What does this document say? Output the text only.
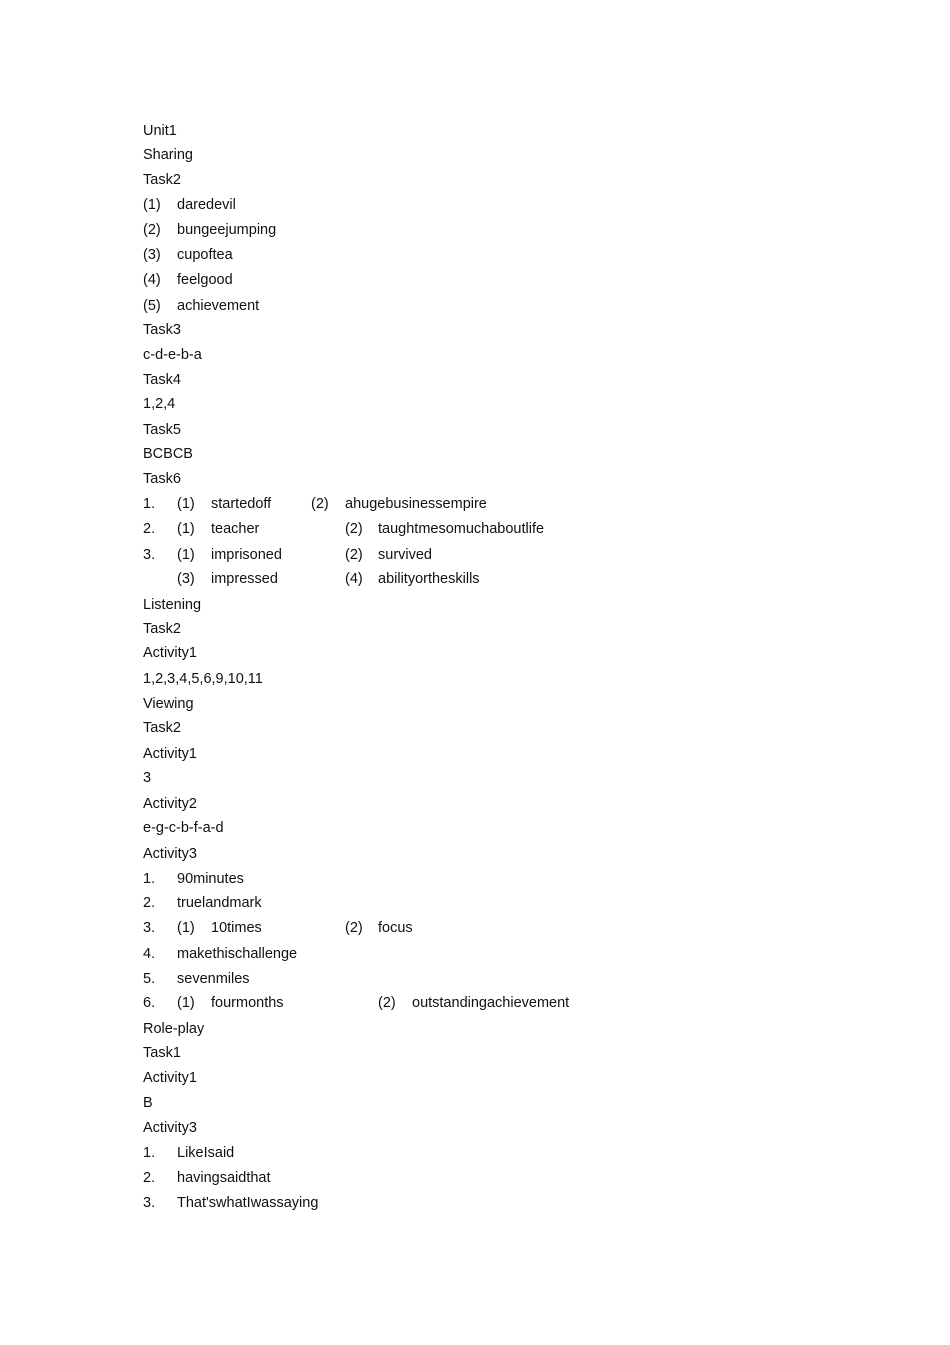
Unit1
Sharing
Task2
(1) daredevil
(2) bungeejumping
(3) cupoftea
(4) feelgood
(5) achievement
Task3
c-d-e-b-a
Task4
1,2,4
Task5
BCBCB
Task6
1. (1) startedoff	(2) ahugebusinessempire
2. (1) teacher	(2) taughtmesomuchaboutlife
3. (1) imprisoned	(2) survived
(3) impressed	(4) abilityortheskills
Listening
Task2
Activity1
1,2,3,4,5,6,9,10,11
Viewing
Task2
Activity1
3
Activity2
e-g-c-b-f-a-d
Activity3
1. 90minutes
2. truelandmark
3. (1) 10times	(2) focus
4. makethischallenge
5. sevenmiles
6. (1) fourmonths	(2) outstandingachievement
Role-play
Task1
Activity1
B
Activity3
1. LikeIsaid
2. havingsaidthat
3. That'swhatIwassaying
